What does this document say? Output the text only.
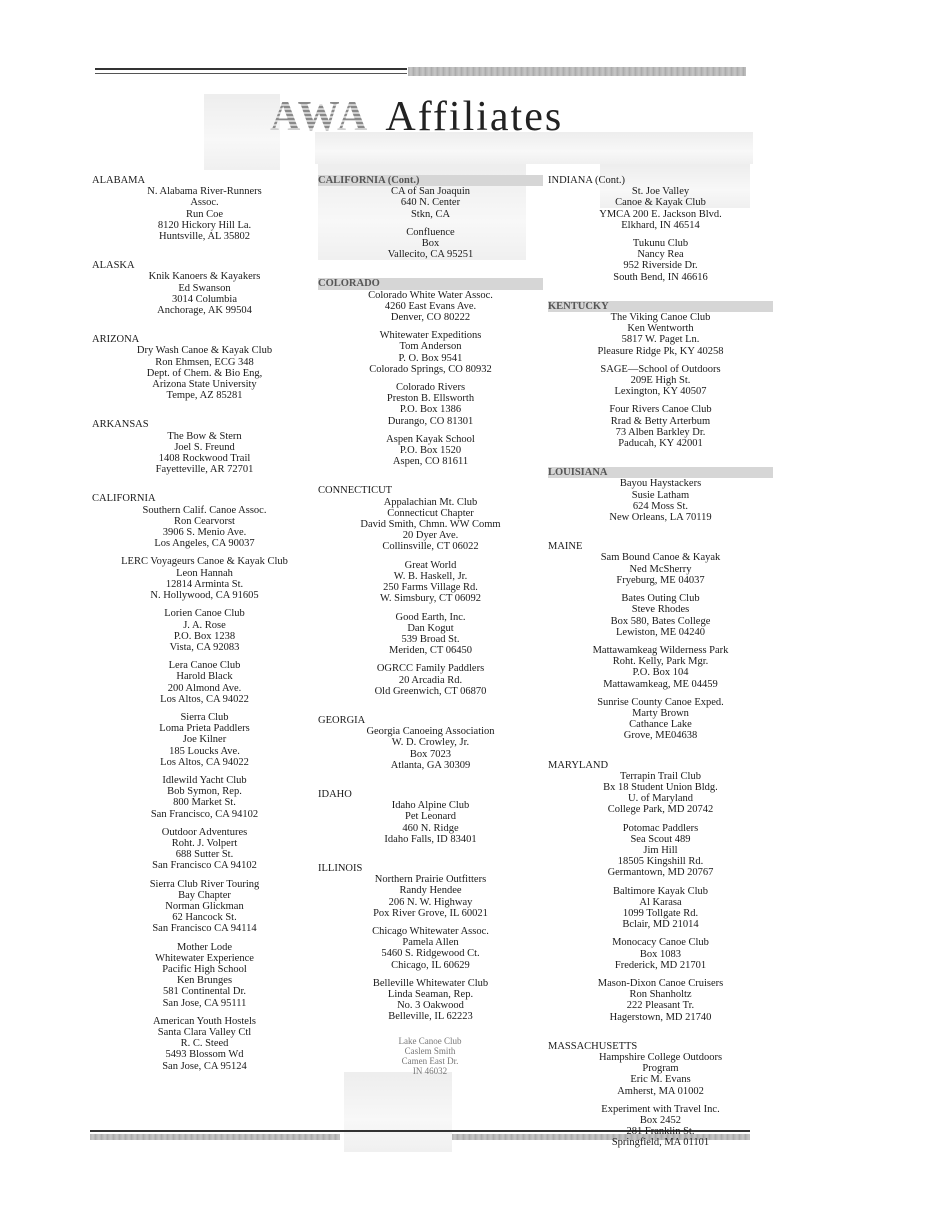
AWA Affiliates
ALABAMA
N. Alabama River-Runners
Assoc.
Run Coe
8120 Hickory Hill La.
Huntsville, AL 35802
ALASKA
Knik Kanoers & Kayakers
Ed Swanson
3014 Columbia
Anchorage, AK 99504
ARIZONA
Dry Wash Canoe & Kayak Club
Ron Ehmsen, ECG 348
Dept. of Chem. & Bio Eng,
Arizona State University
Tempe, AZ 85281
ARKANSAS
The Bow & Stern
Joel S. Freund
1408 Rockwood Trail
Fayetteville, AR 72701
CALIFORNIA
Southern Calif. Canoe Assoc.
Ron Cearvorst
3906 S. Menio Ave.
Los Angeles, CA 90037
LERC Voyageurs Canoe & Kayak Club
Leon Hannah
12814 Arminta St.
N. Hollywood, CA 91605
Lorien Canoe Club
J. A. Rose
P.O. Box 1238
Vista, CA 92083
Lera Canoe Club
Harold Black
200 Almond Ave.
Los Altos, CA 94022
Sierra Club
Loma Prieta Paddlers
Joe Kilner
185 Loucks Ave.
Los Altos, CA 94022
Idlewild Yacht Club
Bob Symon, Rep.
800 Market St.
San Francisco, CA 94102
Outdoor Adventures
Roht. J. Volpert
688 Sutter St.
San Francisco CA 94102
Sierra Club River Touring
Bay Chapter
Norman Glickman
62 Hancock St.
San Francisco CA 94114
Mother Lode
Whitewater Experience
Pacific High School
Ken Brunges
581 Continental Dr.
San Jose, CA 95111
American Youth Hostels
Santa Clara Valley Ctl
R. C. Steed
5493 Blossom Wd
San Jose, CA 95124
CALIFORNIA (Cont.)
CA of San Joaquin
640 N. Center
Stkn, CA
Confluence
Box
Vallecito, CA 95251
COLORADO
Colorado White Water Assoc.
4260 East Evans Ave.
Denver, CO 80222
Whitewater Expeditions
Tom Anderson
P. O. Box 9541
Colorado Springs, CO 80932
Colorado Rivers
Preston B. Ellsworth
P.O. Box 1386
Durango, CO 81301
Aspen Kayak School
P.O. Box 1520
Aspen, CO 81611
CONNECTICUT
Appalachian Mt. Club
Connecticut Chapter
David Smith, Chmn. WW Comm
20 Dyer Ave.
Collinsville, CT 06022
Great World
W. B. Haskell, Jr.
250 Farms Village Rd.
W. Simsbury, CT 06092
Good Earth, Inc.
Dan Kogut
539 Broad St.
Meriden, CT 06450
OGRCC Family Paddlers
20 Arcadia Rd.
Old Greenwich, CT 06870
GEORGIA
Georgia Canoeing Association
W. D. Crowley, Jr.
Box 7023
Atlanta, GA 30309
IDAHO
Idaho Alpine Club
Pet Leonard
460 N. Ridge
Idaho Falls, ID 83401
ILLINOIS
Northern Prairie Outfitters
Randy Hendee
206 N. W. Highway
Pox River Grove, IL 60021
Chicago Whitewater Assoc.
Pamela Allen
5460 S. Ridgewood Ct.
Chicago, IL 60629
Belleville Whitewater Club
Linda Seaman, Rep.
No. 3 Oakwood
Belleville, IL 62223
INDIANA (Cont.)
St. Joe Valley
Canoe & Kayak Club
YMCA 200 E. Jackson Blvd.
Elkhard, IN 46514
Tukunu Club
Nancy Rea
952 Riverside Dr.
South Bend, IN 46616
KENTUCKY
The Viking Canoe Club
Ken Wentworth
5817 W. Paget Ln.
Pleasure Ridge Pk, KY 40258
SAGE—School of Outdoors
209E High St.
Lexington, KY 40507
Four Rivers Canoe Club
Rrad & Betty Arterbum
73 Alben Barkley Dr.
Paducah, KY 42001
LOUISIANA
Bayou Haystackers
Susie Latham
624 Moss St.
New Orleans, LA 70119
MAINE
Sam Bound Canoe & Kayak
Ned McSherry
Fryeburg, ME 04037
Bates Outing Club
Steve Rhodes
Box 580, Bates College
Lewiston, ME 04240
Mattawamkeag Wilderness Park
Roht. Kelly, Park Mgr.
P.O. Box 104
Mattawamkeag, ME 04459
Sunrise County Canoe Exped.
Marty Brown
Cathance Lake
Grove, ME04638
MARYLAND
Terrapin Trail Club
Bx 18 Student Union Bldg.
U. of Maryland
College Park, MD 20742
Potomac Paddlers
Sea Scout 489
Jim Hill
18505 Kingshill Rd.
Germantown, MD 20767
Baltimore Kayak Club
Al Karasa
1099 Tollgate Rd.
Bclair, MD 21014
Monocacy Canoe Club
Box 1083
Frederick, MD 21701
Mason-Dixon Canoe Cruisers
Ron Shanholtz
222 Pleasant Tr.
Hagerstown, MD 21740
MASSACHUSETTS
Hampshire College Outdoors
Program
Eric M. Evans
Amherst, MA 01002
Experiment with Travel Inc.
Box 2452
281 Franklin St.
Springfield, MA 01101
Lake Canoe Club
Caslem Smith
Camen East Dr.
IN 46032
